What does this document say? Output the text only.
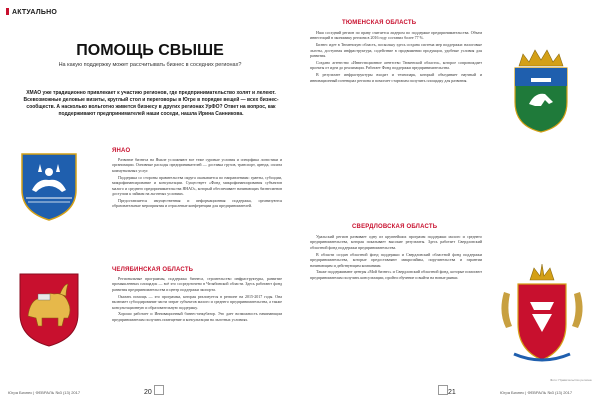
АКТУАЛЬНО
ПОМОЩЬ СВЫШЕ
На какую поддержку может рассчитывать бизнес в соседних регионах?
ХМАО уже традиционно привлекает к участию регионов, где предпринимательство холят и лелеют. Всевозможные деловые визиты, круглый стол и переговоры в Югре в порядке вещей — всех бизнес-сообществ. А насколько вольготно живется бизнесу в других регионах УрФО? Ответ на вопрос, как поддерживают предпринимателей наши соседи, нашла Ирина Санникова.
ЯНАО

Развитие бизнеса на Ямале усложняют все теже суровые условия и специфика логистики и организации. Основные расходы предпринимателей — доставка грузов, транспорт, аренда, оплата коммунальных услуг.

Поддержка со стороны правительства округа оказывается по направлениям: гранты, субсидии, микрофинансирование и консультации. Существует «Фонд микрофинансирования субъектов малого и среднего предпринимательства ЯНАО», который обеспечивает начинающих бизнесменов доступом к займам на льготных условиях.

Предоставляется имущественная и информационная поддержка, организуются образовательные мероприятия и отраслевые конференции для предпринимателей.

ЧЕЛЯБИНСКАЯ ОБЛАСТЬ

Региональные программы, поддержка бизнеса, строительство инфраструктуры, развитие промышленных площадок — всё это сосредоточено в Челябинской области. Здесь работают фонд развития предпринимательства и центр поддержки экспорта.

Оказать помощь — это программа, которая реализуется в регионе на 2015-2017 годы. Она включает субсидирование части затрат субъектов малого и среднего предпринимательства, а также консультационную и образовательную поддержку.

Хорошо работает и Инновационный бизнес-инкубатор. Это дает возможность начинающим предпринимателям получить помещение и консультации на льготных условиях.

Югра Бизнес | ФЕВРАЛЬ №3 (13) 2017	20
ТЮМЕНСКАЯ ОБЛАСТЬ

Наш соседний регион по праву считается лидером по поддержке предпринимательства. Объем инвестиций в экономику региона в 2016 году составил более 77 %.

Бизнес идет в Тюменскую область, поскольку здесь создана система мер поддержки: налоговые льготы, доступная инфраструктура, содействие в продвижении продукции, удобные условия для развития.

Создано агентство «Инвестиционное агентство Тюменской области», которое сопровождает проекты от идеи до реализации. Работает Фонд поддержки предпринимательства.

В результате инфраструктуры входит и технопарк, который объединяет научный и инновационный потенциал региона и помогает стартапам получить площадку для развития.

СВЕРДЛОВСКАЯ ОБЛАСТЬ

Уральский регион развивает одну из крупнейших программ поддержки малого и среднего предпринимательства, которая показывает высокие результаты. Здесь работает Свердловский областной фонд поддержки предпринимательства.

В области создан областной фонд поддержки и Свердловский областной фонд поддержки предпринимательства, которые предоставляют микрозаймы, поручительства и гарантии начинающим и действующим компаниям.

Также поддерживают центры «Мой бизнес» и Свердловский областной фонд, которые помогают предпринимателям получить консультации, пройти обучение и выйти на новые рынки.

Фото: Правительство региона
21	Югра Бизнес | ФЕВРАЛЬ №3 (13) 2017
